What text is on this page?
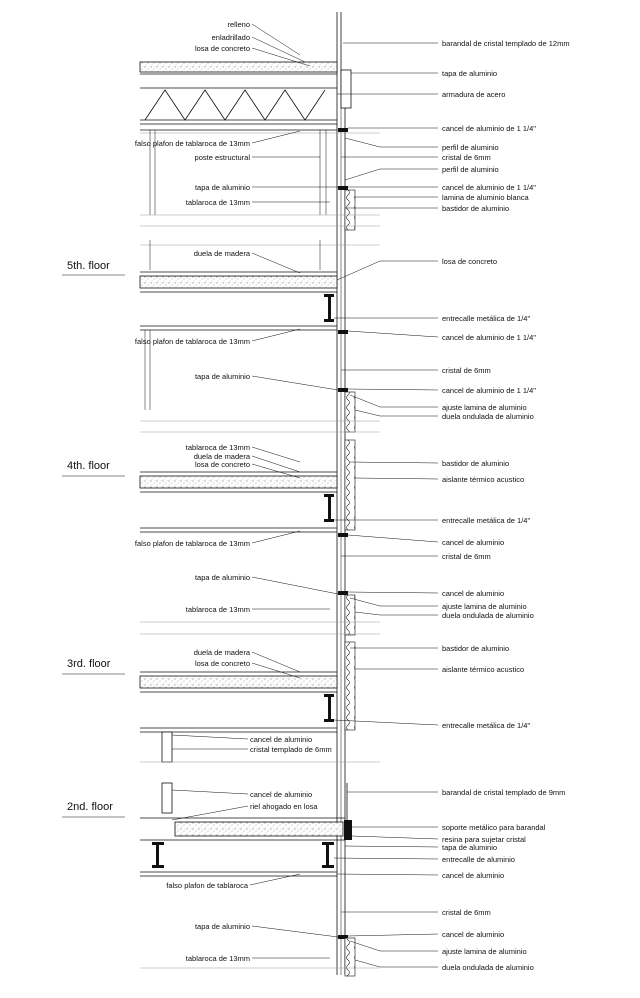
5th. floor
4th. floor
3rd. floor
2nd. floor
relleno
enladrillado
losa de concreto
falso plafon de tablaroca de 13mm
poste estructural
tapa de aluminio
tablaroca de 13mm
duela de madera
falso plafon de tablaroca de 13mm
tapa de aluminio
tablaroca de 13mm
duela de madera
losa de concreto
falso plafon de tablaroca de 13mm
tapa de aluminio
tablaroca de 13mm
duela de madera
losa de concreto
cancel de aluminio
cristal templado de 6mm
cancel de aluminio
riel ahogado en losa
falso plafon de tablaroca
tapa de aluminio
tablaroca de 13mm
barandal de cristal templado de 12mm
tapa de aluminio
armadura de acero
cancel de aluminio de 1 1/4"
perfil de aluminio
cristal de 6mm
perfil de aluminio
cancel de aluminio de 1 1/4"
lamina de aluminio blanca
bastidor de aluminio
losa de concreto
entrecalle metálica de 1/4"
cancel de aluminio de 1 1/4"
cristal de 6mm
cancel de aluminio de 1 1/4"
ajuste lamina de aluminio
duela ondulada de aluminio
bastidor de aluminio
aislante térmico acustico
entrecalle metálica de 1/4"
cancel de aluminio
cristal de 6mm
cancel de aluminio
ajuste lamina de aluminio
duela ondulada de aluminio
bastidor de aluminio
aislante térmico acustico
entrecalle metálica de 1/4"
barandal de cristal templado de 9mm
soporte metálico para barandal
resina para sujetar cristal
tapa de aluminio
entrecalle de aluminio
cancel de aluminio
cristal de 6mm
cancel de aluminio
ajuste lamina de aluminio
duela ondulada de aluminio
